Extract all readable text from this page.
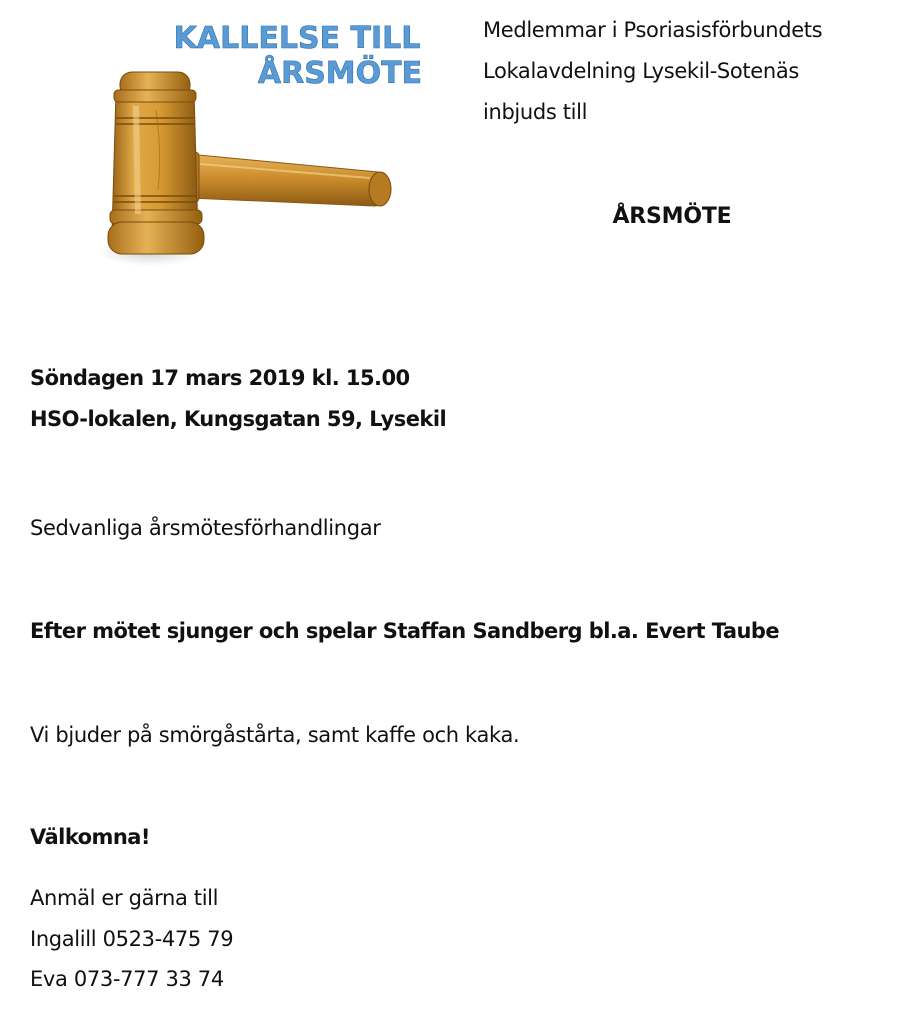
KALLELSE TILL
ÅRSMÖTE
Medlemmar i Psoriasisförbundets
Lokalavdelning Lysekil-Sotenäs
inbjuds till
ÅRSMÖTE
Söndagen 17 mars 2019 kl. 15.00
HSO-lokalen, Kungsgatan 59, Lysekil
Sedvanliga årsmötesförhandlingar
Efter mötet sjunger och spelar Staffan Sandberg bl.a. Evert Taube
Vi bjuder på smörgåstårta, samt kaffe och kaka.
Välkomna!
Anmäl er gärna till
Ingalill 0523-475 79
Eva 073-777 33 74
